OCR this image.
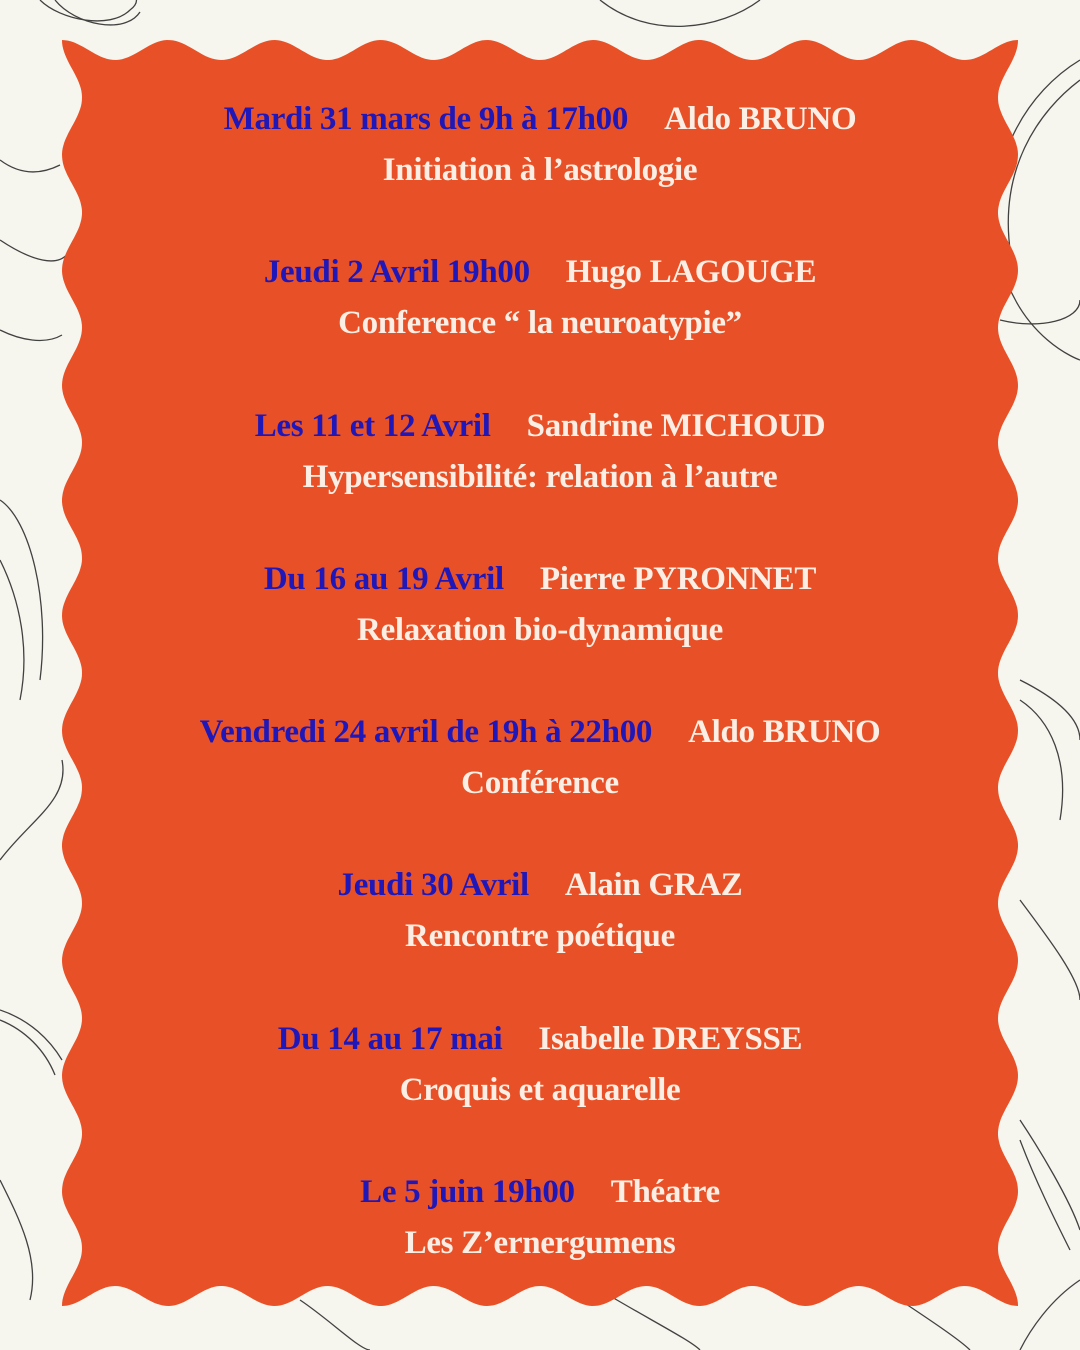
Mardi 31 mars de 9h à 17h00 Aldo BRUNO
Initiation à l’astrologie
Jeudi 2 Avril 19h00 Hugo LAGOUGE
Conference “ la neuroatypie”
Les 11 et 12 Avril Sandrine MICHOUD
Hypersensibilité: relation à l’autre
Du 16 au 19 Avril Pierre PYRONNET
Relaxation bio-dynamique
Vendredi 24 avril de 19h à 22h00 Aldo BRUNO
Conférence
Jeudi 30 Avril Alain GRAZ
Rencontre poétique
Du 14 au 17 mai Isabelle DREYSSE
Croquis et aquarelle
Le 5 juin 19h00 Théatre
Les Z’ernergumens
